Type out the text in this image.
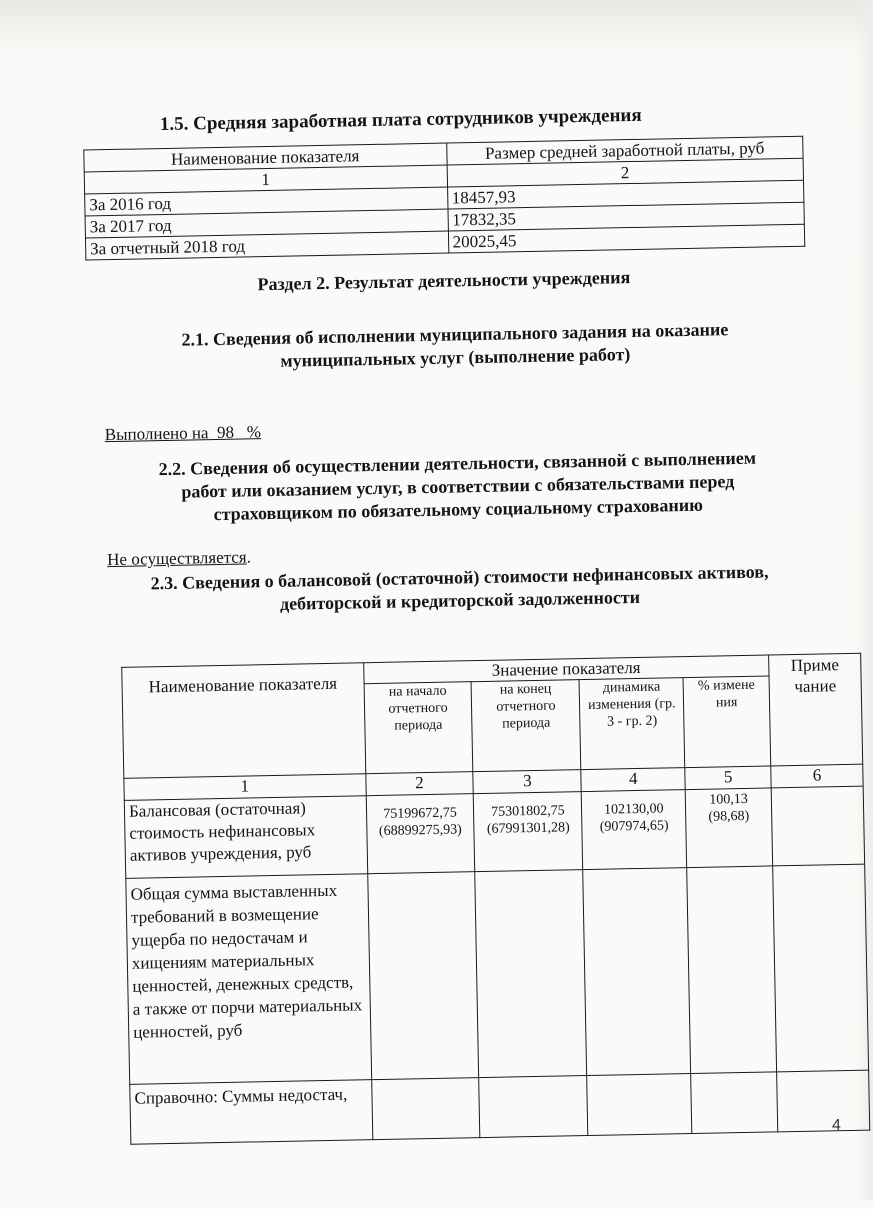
1.5. Средняя заработная плата сотрудников учреждения
Наименование показателя	Размер средней заработной платы, руб
1	2
За 2016 год	18457,93
За 2017 год	17832,35
За отчетный 2018 год	20025,45
Раздел 2. Результат деятельности учреждения
2.1. Сведения об исполнении муниципального задания на оказание
муниципальных услуг (выполнение работ)
Выполнено на  98   %
2.2. Сведения об осуществлении деятельности, связанной с выполнением
работ или оказанием услуг, в соответствии с обязательствами перед
страховщиком по обязательному социальному страхованию
Не осуществляется.
2.3. Сведения о балансовой (остаточной) стоимости нефинансовых активов,
дебиторской и кредиторской задолженности
Наименование показателя	Значение показателя				Приме чание
	на начало отчетного периода	на конец отчетного периода	динамика изменения (гр. 3 - гр. 2)	% измене ния	
1	2	3	4	5	6
Балансовая (остаточная) стоимость нефинансовых активов учреждения, руб	75199672,75 (68899275,93)	75301802,75 (67991301,28)	102130,00 (907974,65)	100,13 (98,68)	
Общая сумма выставленных требований в возмещение ущерба по недостачам и хищениям материальных ценностей, денежных средств, а также от порчи материальных ценностей, руб					
Справочно: Суммы недостач,					
4
